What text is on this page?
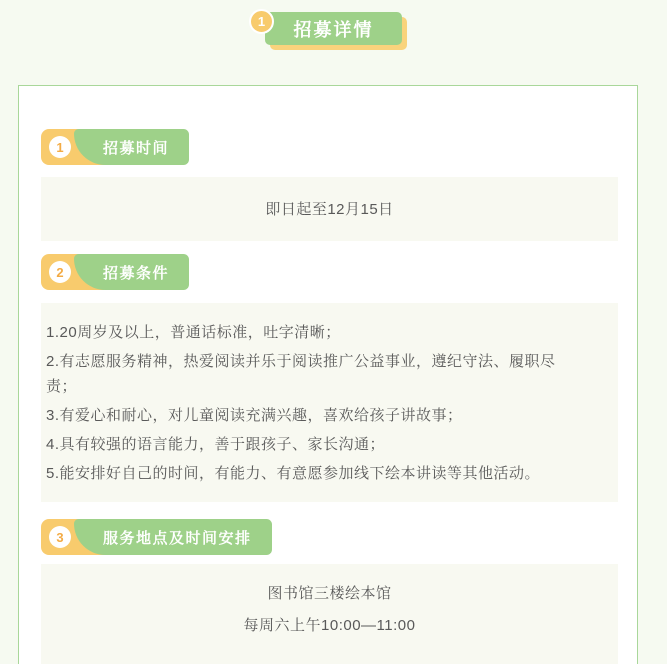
1	招募详情
1	招募时间

即日起至12月15日

2	招募条件

1.20周岁及以上，普通话标准，吐字清晰；

2.有志愿服务精神，热爱阅读并乐于阅读推广公益事业，遵纪守法、履职尽
责；

3.有爱心和耐心，对儿童阅读充满兴趣，喜欢给孩子讲故事；

4.具有较强的语言能力，善于跟孩子、家长沟通；

5.能安排好自己的时间，有能力、有意愿参加线下绘本讲读等其他活动。

3	服务地点及时间安排

图书馆三楼绘本馆

每周六上午10:00—11:00
